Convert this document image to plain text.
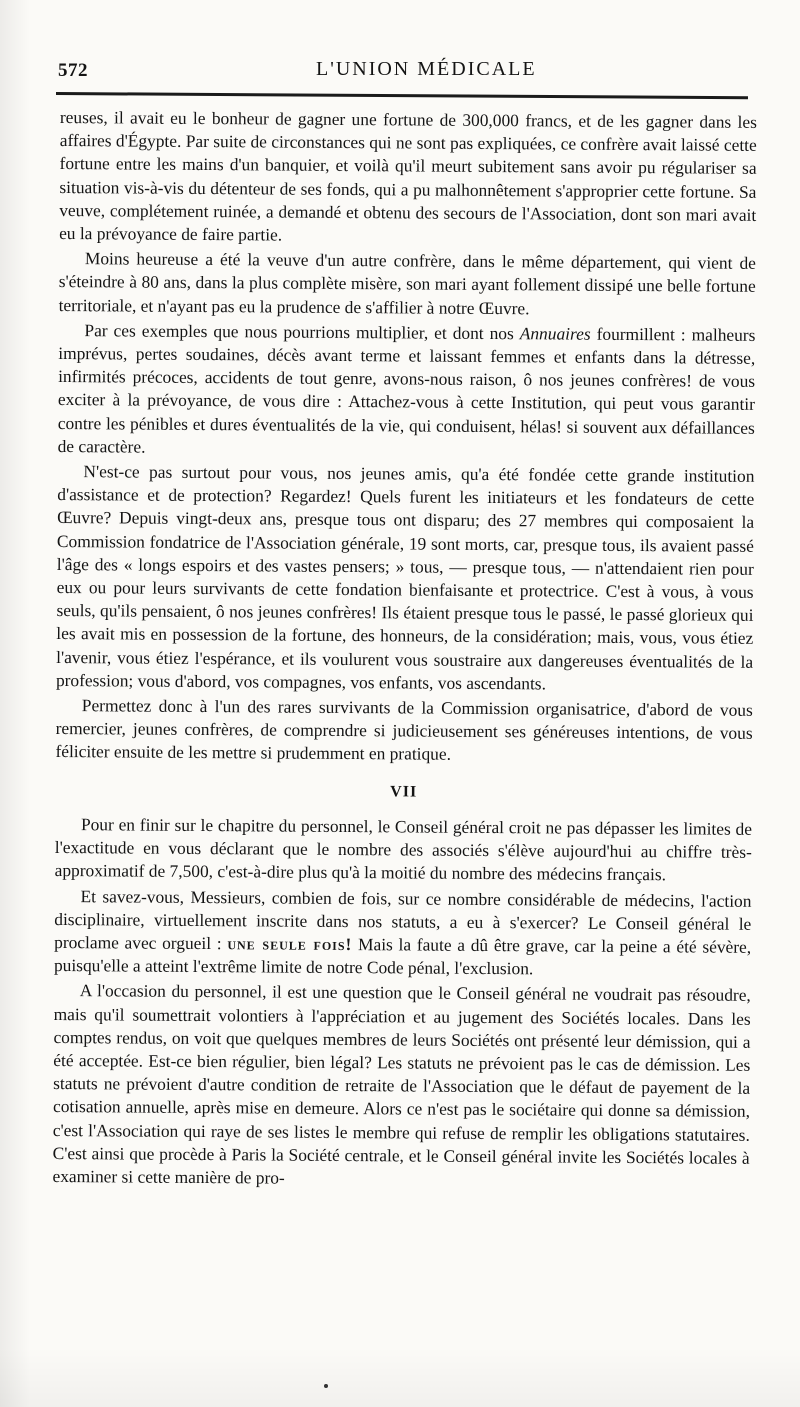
572	L'UNION MÉDICALE

reuses, il avait eu le bonheur de gagner une fortune de 300,000 francs, et de les gagner dans les affaires d'Égypte. Par suite de circonstances qui ne sont pas expliquées, ce confrère avait laissé cette fortune entre les mains d'un banquier, et voilà qu'il meurt subitement sans avoir pu régulariser sa situation vis-à-vis du détenteur de ses fonds, qui a pu malhonnêtement s'approprier cette fortune. Sa veuve, complétement ruinée, a demandé et obtenu des secours de l'Association, dont son mari avait eu la prévoyance de faire partie.

Moins heureuse a été la veuve d'un autre confrère, dans le même département, qui vient de s'éteindre à 80 ans, dans la plus complète misère, son mari ayant follement dissipé une belle fortune territoriale, et n'ayant pas eu la prudence de s'affilier à notre Œuvre.

Par ces exemples que nous pourrions multiplier, et dont nos Annuaires fourmillent : malheurs imprévus, pertes soudaines, décès avant terme et laissant femmes et enfants dans la détresse, infirmités précoces, accidents de tout genre, avons-nous raison, ô nos jeunes confrères! de vous exciter à la prévoyance, de vous dire : Attachez-vous à cette Institution, qui peut vous garantir contre les pénibles et dures éventualités de la vie, qui conduisent, hélas! si souvent aux défaillances de caractère.

N'est-ce pas surtout pour vous, nos jeunes amis, qu'a été fondée cette grande institution d'assistance et de protection? Regardez! Quels furent les initiateurs et les fondateurs de cette Œuvre? Depuis vingt-deux ans, presque tous ont disparu; des 27 membres qui composaient la Commission fondatrice de l'Association générale, 19 sont morts, car, presque tous, ils avaient passé l'âge des « longs espoirs et des vastes pensers; » tous, — presque tous, — n'attendaient rien pour eux ou pour leurs survivants de cette fondation bienfaisante et protectrice. C'est à vous, à vous seuls, qu'ils pensaient, ô nos jeunes confrères! Ils étaient presque tous le passé, le passé glorieux qui les avait mis en possession de la fortune, des honneurs, de la considération; mais, vous, vous étiez l'avenir, vous étiez l'espérance, et ils voulurent vous soustraire aux dangereuses éventualités de la profession; vous d'abord, vos compagnes, vos enfants, vos ascendants.

Permettez donc à l'un des rares survivants de la Commission organisatrice, d'abord de vous remercier, jeunes confrères, de comprendre si judicieusement ses généreuses intentions, de vous féliciter ensuite de les mettre si prudemment en pratique.

VII

Pour en finir sur le chapitre du personnel, le Conseil général croit ne pas dépasser les limites de l'exactitude en vous déclarant que le nombre des associés s'élève aujourd'hui au chiffre très-approximatif de 7,500, c'est-à-dire plus qu'à la moitié du nombre des médecins français.

Et savez-vous, Messieurs, combien de fois, sur ce nombre considérable de médecins, l'action disciplinaire, virtuellement inscrite dans nos statuts, a eu à s'exercer? Le Conseil général le proclame avec orgueil : une seule fois! Mais la faute a dû être grave, car la peine a été sévère, puisqu'elle a atteint l'extrême limite de notre Code pénal, l'exclusion.

A l'occasion du personnel, il est une question que le Conseil général ne voudrait pas résoudre, mais qu'il soumettrait volontiers à l'appréciation et au jugement des Sociétés locales. Dans les comptes rendus, on voit que quelques membres de leurs Sociétés ont présenté leur démission, qui a été acceptée. Est-ce bien régulier, bien légal? Les statuts ne prévoient pas le cas de démission. Les statuts ne prévoient d'autre condition de retraite de l'Association que le défaut de payement de la cotisation annuelle, après mise en demeure. Alors ce n'est pas le sociétaire qui donne sa démission, c'est l'Association qui raye de ses listes le membre qui refuse de remplir les obligations statutaires. C'est ainsi que procède à Paris la Société centrale, et le Conseil général invite les Sociétés locales à examiner si cette manière de pro-
